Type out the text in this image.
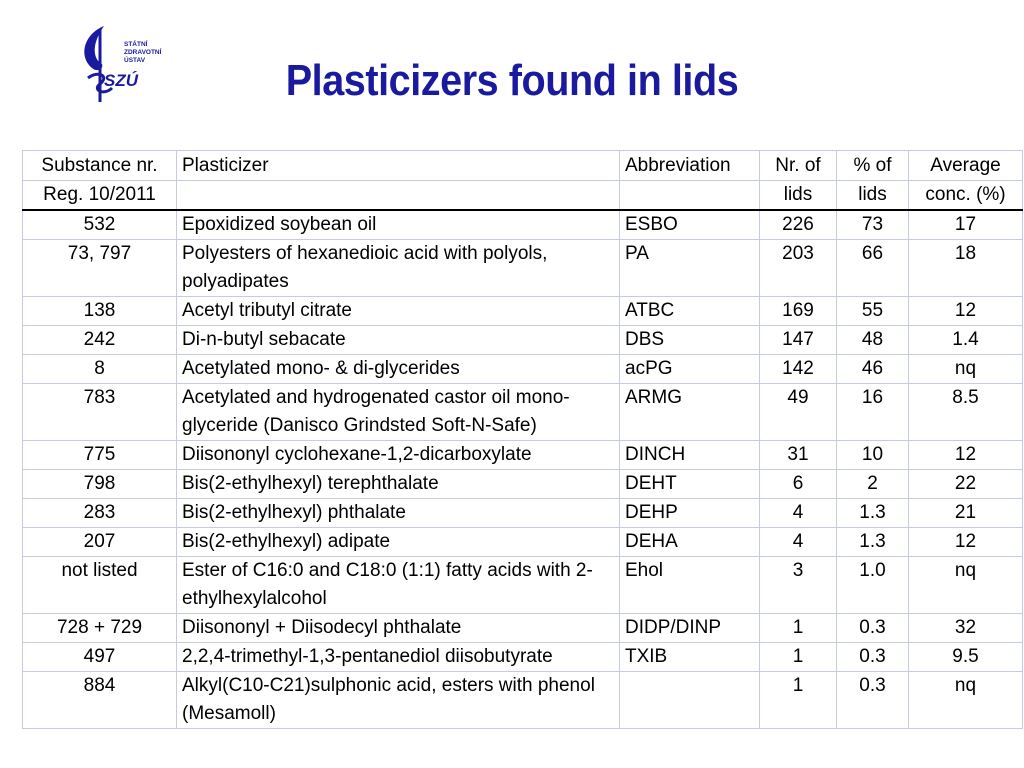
STÁTNÍ
ZDRAVOTNÍ
ÚSTAV
SZÚ	Plasticizers found in lids
Substance nr.	Plasticizer	Abbreviation	Nr. of	% of	Average
Reg. 10/2011			lids	lids	conc. (%)
532	Epoxidized soybean oil	ESBO	226	73	17
73, 797	Polyesters of hexanedioic acid with polyols, polyadipates	PA	203	66	18
138	Acetyl tributyl citrate	ATBC	169	55	12
242	Di-n-butyl sebacate	DBS	147	48	1.4
8	Acetylated mono- & di-glycerides	acPG	142	46	nq
783	Acetylated and hydrogenated castor oil mono-glyceride (Danisco Grindsted Soft-N-Safe)	ARMG	49	16	8.5
775	Diisononyl cyclohexane-1,2-dicarboxylate	DINCH	31	10	12
798	Bis(2-ethylhexyl) terephthalate	DEHT	6	2	22
283	Bis(2-ethylhexyl) phthalate	DEHP	4	1.3	21
207	Bis(2-ethylhexyl) adipate	DEHA	4	1.3	12
not listed	Ester of C16:0 and C18:0 (1:1) fatty acids with 2-ethylhexylalcohol	Ehol	3	1.0	nq
728 + 729	Diisononyl + Diisodecyl phthalate	DIDP/DINP	1	0.3	32
497	2,2,4-trimethyl-1,3-pentanediol diisobutyrate	TXIB	1	0.3	9.5
884	Alkyl(C10-C21)sulphonic acid, esters with phenol (Mesamoll)		1	0.3	nq
